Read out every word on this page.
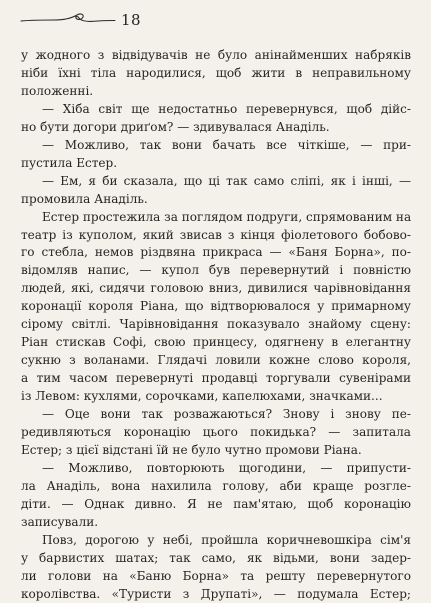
18
у жодного з відвідувачів не було анінайменших набряків
ніби їхні тіла народилися, щоб жити в неправильному
положенні.
— Хіба світ ще недостатньо перевернувся, щоб дійс-
но бути догори дриґом? — здивувалася Анаділь.
— Можливо, так вони бачать все чіткіше, — при-
пустила Естер.
— Ем, я би сказала, що ці так само сліпі, як і інші, —
промовила Анаділь.
Естер простежила за поглядом подруги, спрямованим на
театр із куполом, який звисав з кінця фіолетового бобово-
го стебла, немов різдвяна прикраса — «Баня Борна», по-
відомляв напис, — купол був перевернутий і повністю
людей, які, сидячи головою вниз, дивилися чарівновідання
коронації короля Ріана, що відтворювалося у примарному
сірому світлі. Чарівновідання показувало знайому сцену:
Ріан стискав Софі, свою принцесу, одягнену в елегантну
сукню з воланами. Глядачі ловили кожне слово короля,
а тим часом перевернуті продавці торгували сувенірами
із Левом: кухлями, сорочками, капелюхами, значками...
— Оце вони так розважаються? Знову і знову пе-
редивляються коронацію цього покидька? — запитала
Естер; з цієї відстані їй не було чутно промови Ріана.
— Можливо, повторюють щогодини, — припусти-
ла Анаділь, вона нахилила голову, аби краще розгле-
діти. — Однак дивно. Я не пам'ятаю, щоб коронацію
записували.
Повз, дорогою у небі, пройшла коричневошкіра сім'я
у барвистих шатах; так само, як відьми, вони задер-
ли голови на «Баню Борна» та решту перевернутого
королівства. «Туристи з Друпаті», — подумала Естер;
